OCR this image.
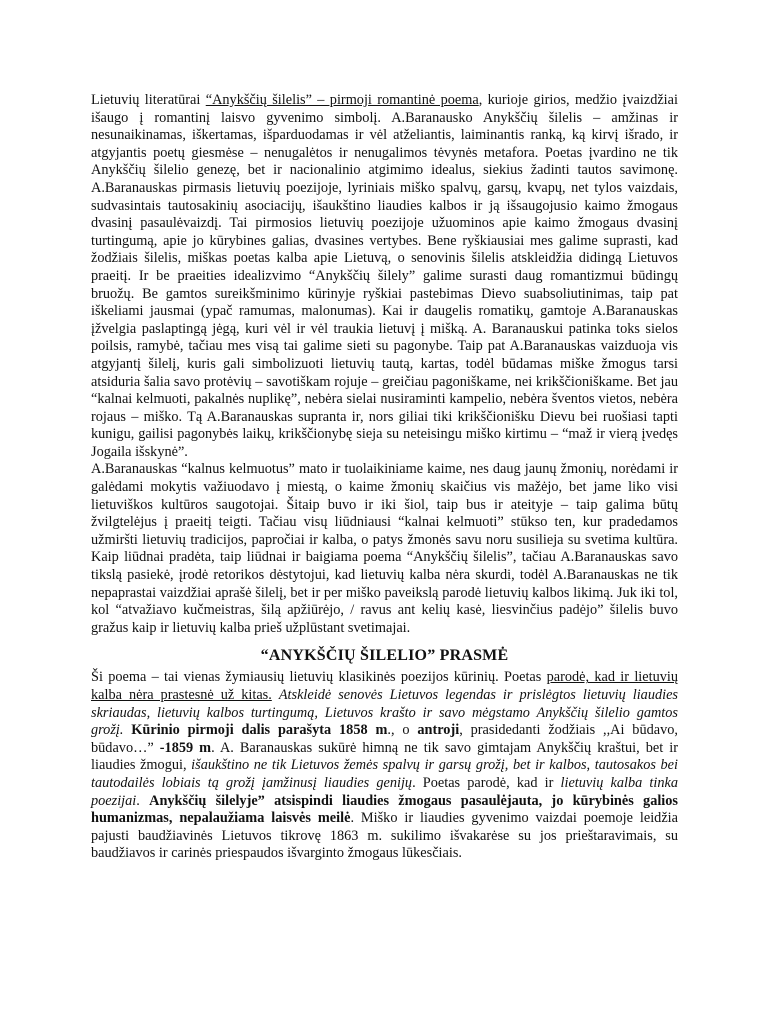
Lietuvių literatūrai “Anykščių šilelis” – pirmoji romantinė poema, kurioje girios, medžio įvaizdžiai išaugo į romantinį laisvo gyvenimo simbolį. A.Baranausko Anykščių šilelis – amžinas ir nesunaikinamas, iškertamas, išparduodamas ir vėl atželiantis, laiminantis ranką, ką kirvį išrado, ir atgyjantis poetų giesmėse – nenugalėtos ir nenugalimos tėvynės metafora. Poetas įvardino ne tik Anykščių šilelio genezę, bet ir nacionalinio atgimimo idealus, siekius žadinti tautos savimonę. A.Baranauskas pirmasis lietuvių poezijoje, lyriniais miško spalvų, garsų, kvapų, net tylos vaizdais, sudvasintais tautosakinių asociacijų, išaukštino liaudies kalbos ir ją išsaugojusio kaimo žmogaus dvasinį pasaulėvaizdį. Tai pirmosios lietuvių poezijoje užuominos apie kaimo žmogaus dvasinį turtingumą, apie jo kūrybines galias, dvasines vertybes. Bene ryškiausiai mes galime suprasti, kad žodžiais šilelis, miškas poetas kalba apie Lietuvą, o senovinis šilelis atskleidžia didingą Lietuvos praeitį. Ir be praeities idealizvimo “Anykščių šilely” galime surasti daug romantizmui būdingų bruožų. Be gamtos sureikšminimo kūrinyje ryškiai pastebimas Dievo suabsoliutinimas, taip pat iškeliami jausmai (ypač ramumas, malonumas). Kai ir daugelis romatikų, gamtoje A.Baranauskas įžvelgia paslaptingą jėgą, kuri vėl ir vėl traukia lietuvį į mišką. A. Baranauskui patinka toks sielos poilsis, ramybė, tačiau mes visą tai galime sieti su pagonybe. Taip pat A.Baranauskas vaizduoja vis atgyjantį šilelį, kuris gali simbolizuoti lietuvių tautą, kartas, todėl būdamas miške žmogus tarsi atsiduria šalia savo protėvių – savotiškam rojuje – greičiau pagoniškame, nei krikščioniškame. Bet jau “kalnai kelmuoti, pakalnės nuplikę”, nebėra sielai nusiraminti kampelio, nebėra šventos vietos, nebėra rojaus – miško. Tą A.Baranauskas supranta ir, nors giliai tiki krikščionišku Dievu bei ruošiasi tapti kunigu, gailisi pagonybės laikų, krikščionybę sieja su neteisingu miško kirtimu – “maž ir vierą įvedęs Jogaila išskynė”.

A.Baranauskas “kalnus kelmuotus” mato ir tuolaikiniame kaime, nes daug jaunų žmonių, norėdami ir galėdami mokytis važiuodavo į miestą, o kaime žmonių skaičius vis mažėjo, bet jame liko visi lietuviškos kultūros saugotojai. Šitaip buvo ir iki šiol, taip bus ir ateityje – taip galima būtų žvilgtelėjus į praeitį teigti. Tačiau visų liūdniausi “kalnai kelmuoti” stūkso ten, kur pradedamos užmiršti lietuvių tradicijos, papročiai ir kalba, o patys žmonės savu noru susilieja su svetima kultūra. Kaip liūdnai pradėta, taip liūdnai ir baigiama poema “Anykščių šilelis”, tačiau A.Baranauskas savo tikslą pasiekė, įrodė retorikos dėstytojui, kad lietuvių kalba nėra skurdi, todėl A.Baranauskas ne tik nepaprastai vaizdžiai aprašė šilelį, bet ir per miško paveikslą parodė lietuvių kalbos likimą. Juk iki tol, kol “atvažiavo kučmeistras, šilą apžiūrėjo, / ravus ant kelių kasė, liesvinčius padėjo” šilelis buvo gražus kaip ir lietuvių kalba prieš užplūstant svetimajai.

“ANYKŠČIŲ ŠILELIO” PRASMĖ

Ši poema – tai vienas žymiausių lietuvių klasikinės poezijos kūrinių. Poetas parodė, kad ir lietuvių kalba nėra prastesnė už kitas. Atskleidė senovės Lietuvos legendas ir prislėgtos lietuvių liaudies skriaudas, lietuvių kalbos turtingumą, Lietuvos krašto ir savo mėgstamo Anykščių šilelio gamtos grožį. Kūrinio pirmoji dalis parašyta 1858 m., o antroji, prasidedanti žodžiais ,,Ai būdavo, būdavo…” -1859 m. A. Baranauskas sukūrė himną ne tik savo gimtajam Anykščių kraštui, bet ir liaudies žmogui, išaukštino ne tik Lietuvos žemės spalvų ir garsų grožį, bet ir kalbos, tautosakos bei tautodailės lobiais tą grožį įamžinusį liaudies genijų. Poetas parodė, kad ir lietuvių kalba tinka poezijai. Anykščių šilelyje” atsispindi liaudies žmogaus pasaulėjauta, jo kūrybinės galios humanizmas, nepalaužiama laisvės meilė. Miško ir liaudies gyvenimo vaizdai poemoje leidžia pajusti baudžiavinės Lietuvos tikrovę 1863 m. sukilimo išvakarėse su jos prieštaravimais, su baudžiavos ir carinės priespaudos išvarginto žmogaus lūkesčiais.
